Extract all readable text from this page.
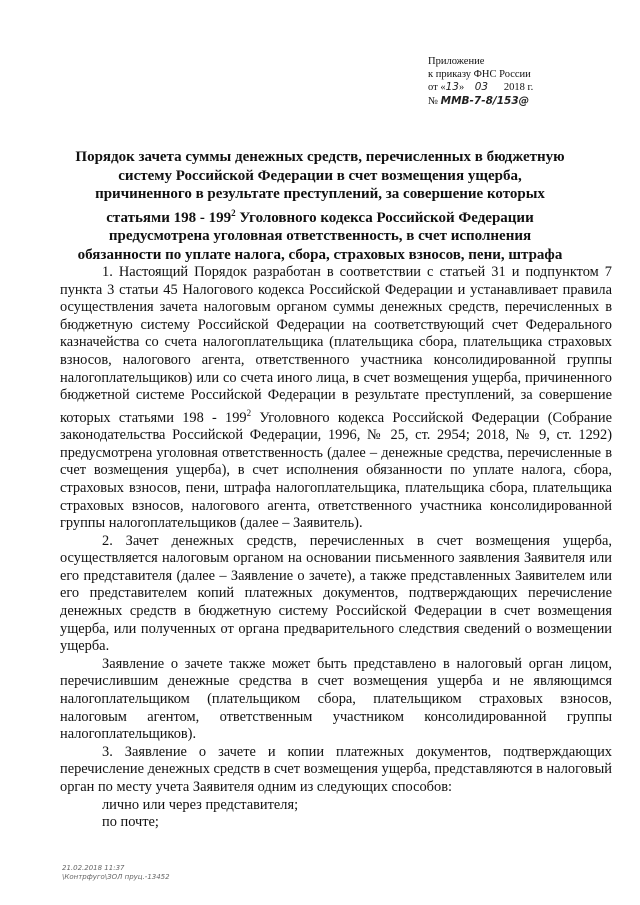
Приложение
к приказу ФНС России
от «13» 03 2018 г.
№ ММВ-7-8/153@
Порядок зачета суммы денежных средств, перечисленных в бюджетную систему Российской Федерации в счет возмещения ущерба, причиненного в результате преступлений, за совершение которых статьями $198 - 199^2$ Уголовного кодекса Российской Федерации предусмотрена уголовная ответственность, в счет исполнения обязанности по уплате налога, сбора, страховых взносов, пени, штрафа

1. Настоящий Порядок разработан в соответствии с статьей 31 и подпунктом 7 пункта 3 статьи 45 Налогового кодекса Российской Федерации и устанавливает правила осуществления зачета налоговым органом суммы денежных средств, перечисленных в бюджетную систему Российской Федерации на соответствующий счет Федерального казначейства со счета налогоплательщика (плательщика сбора, плательщика страховых взносов, налогового агента, ответственного участника консолидированной группы налогоплательщиков) или со счета иного лица, в счет возмещения ущерба, причиненного бюджетной системе Российской Федерации в результате преступлений, за совершение которых статьями $198 - 199^2$ Уголовного кодекса Российской Федерации (Собрание законодательства Российской Федерации, 1996, № 25, ст. 2954; 2018, № 9, ст. 1292) предусмотрена уголовная ответственность (далее – денежные средства, перечисленные в счет возмещения ущерба), в счет исполнения обязанности по уплате налога, сбора, страховых взносов, пени, штрафа налогоплательщика, плательщика сбора, плательщика страховых взносов, налогового агента, ответственного участника консолидированной группы налогоплательщиков (далее – Заявитель).

2. Зачет денежных средств, перечисленных в счет возмещения ущерба, осуществляется налоговым органом на основании письменного заявления Заявителя или его представителя (далее – Заявление о зачете), а также представленных Заявителем или его представителем копий платежных документов, подтверждающих перечисление денежных средств в бюджетную систему Российской Федерации в счет возмещения ущерба, или полученных от органа предварительного следствия сведений о возмещении ущерба.

Заявление о зачете также может быть представлено в налоговый орган лицом, перечислившим денежные средства в счет возмещения ущерба и не являющимся налогоплательщиком (плательщиком сбора, плательщиком страховых взносов, налоговым агентом, ответственным участником консолидированной группы налогоплательщиков).

3. Заявление о зачете и копии платежных документов, подтверждающих перечисление денежных средств в счет возмещения ущерба, представляются в налоговый орган по месту учета Заявителя одним из следующих способов:

лично или через представителя;

по почте;

21.02.2018 11:37
\Контрфуго\ЗОЛ пруц.-13452
